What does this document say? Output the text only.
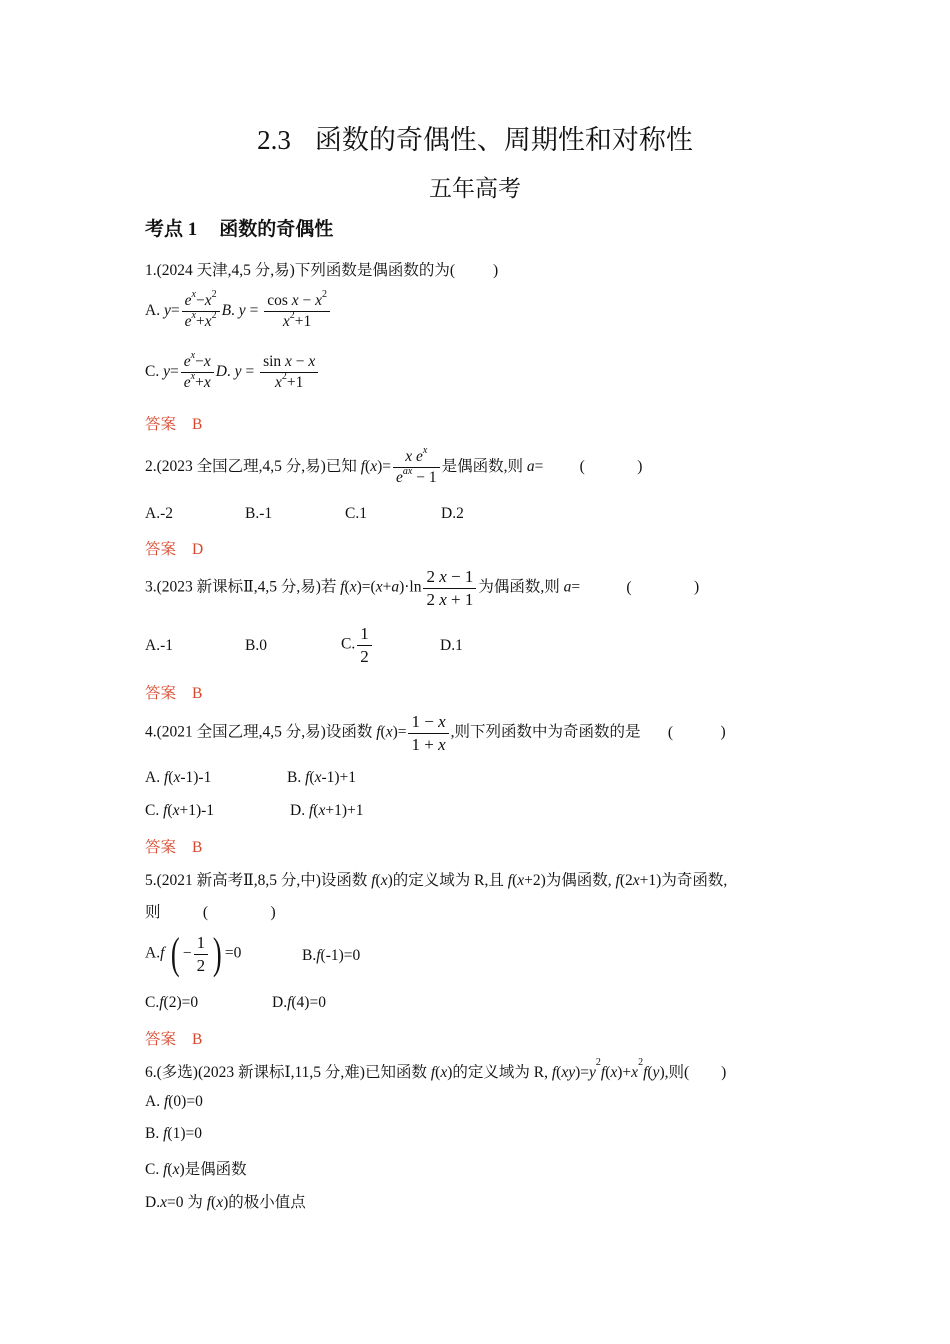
2.3 函数的奇偶性、周期性和对称性
五年高考
考点 1 函数的奇偶性
1.(2024 天津,4,5 分,易)下列函数是偶函数的为( )
A. $y= \frac{e^x-x^2}{e^x+x^2} B$. $y = \frac{\cos x - x^2}{x^2+1}$
C. $y= \frac{e^x-x}{e^x+x} D$. $y = \frac{\text{sin x − x}}{x^2+1}$
答案 B
2.(2023 全国乙理,4,5 分,易)已知 $f(x)= \frac{x e^x}{e^{ax} - 1}$ 是偶函数,则 a= (	)
A.-2	B.-1	C.1	D.2
答案 D
3.(2023 新课标Ⅱ,4,5 分,易)若 $f(x)=(x+a)\cdot\ln \frac{2 x - 1}{2 x + 1}$ 为偶函数,则 a=	(	)
A.-1	B.0	C. $\frac{1}{2}$	D.1
答案 B
4.(2021 全国乙理,4,5 分,易)设函数 $f(x)= \frac{1 - x}{1 + x}$ ,则下列函数中为奇函数的是 (	)
A. f(x-1)-1	B. f(x-1)+1
C. f(x+1)-1	D. f(x+1)+1
答案 B
5.(2021 新高考Ⅱ,8,5 分,中)设函数 f(x)的定义域为 R,且 f(x+2)为偶函数, f(2x+1)为奇函数,
则	(	)
A.f ( − $\frac{1}{2}$ ) =0	B.f(-1)=0
C.f(2)=0	D.f(4)=0
答案 B
6.(多选)(2023 新课标Ⅰ,11,5 分,难)已知函数 f(x)的定义域为 R, $f(xy)=y^2f(x)+x^2f(y)$,则( )
A. f(0)=0
B. f(1)=0
C. f(x)是偶函数
D.x=0 为 f(x)的极小值点
